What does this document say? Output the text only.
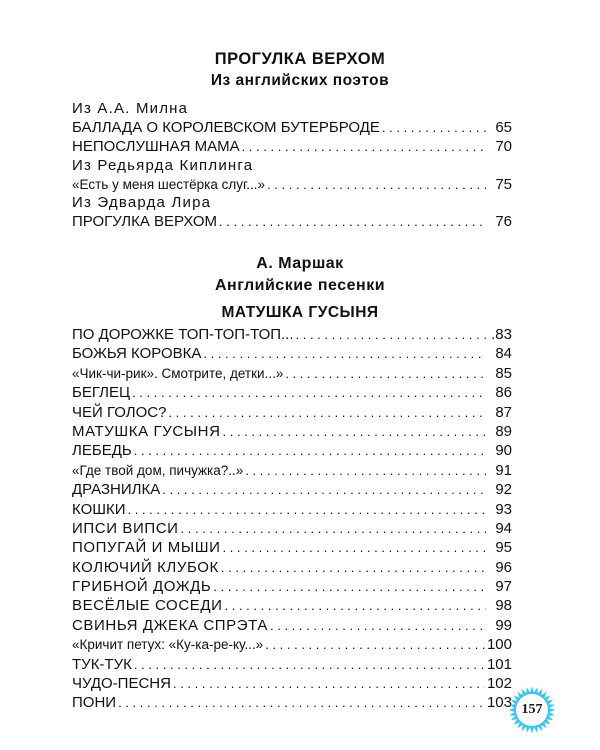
ПРОГУЛКА ВЕРХОМ
Из английских поэтов
Из А.А. Милна
БАЛЛАДА О КОРОЛЕВСКОМ БУТЕРБРОДЕ . . .	65
НЕПОСЛУШНАЯ МАМА . . .	70
Из Редьярда Киплинга
«Есть у меня шестёрка слуг...» . . .	75
Из Эдварда Лира
ПРОГУЛКА ВЕРХОМ . . .	76
А. Маршак
Английские песенки
МАТУШКА ГУСЫНЯ
ПО ДОРОЖКЕ ТОП-ТОП-ТОП... . . .	.83
БОЖЬЯ КОРОВКА . . .	84
«Чик-чи-рик». Смотрите, детки...» . . .	85
БЕГЛЕЦ . . .	86
ЧЕЙ ГОЛОС? . . .	87
МАТУШКА ГУСЫНЯ . . .	89
ЛЕБЕДЬ . . .	90
«Где твой дом, пичужка?..» . . .	91
ДРАЗНИЛКА . . .	92
КОШКИ . . .	93
ИПСИ ВИПСИ . . .	94
ПОПУГАЙ И МЫШИ . . .	95
КОЛЮЧИЙ КЛУБОК . . .	96
ГРИБНОЙ ДОЖДЬ . . .	97
ВЕСЁЛЫЕ СОСЕДИ . . .	98
СВИНЬЯ ДЖЕКА СПРЭТА . . .	99
«Кричит петух: «Ку-ка-ре-ку...» . . .	100
ТУК-ТУК . . .	101
ЧУДО-ПЕСНЯ . . .	102
ПОНИ . . .	103 157
